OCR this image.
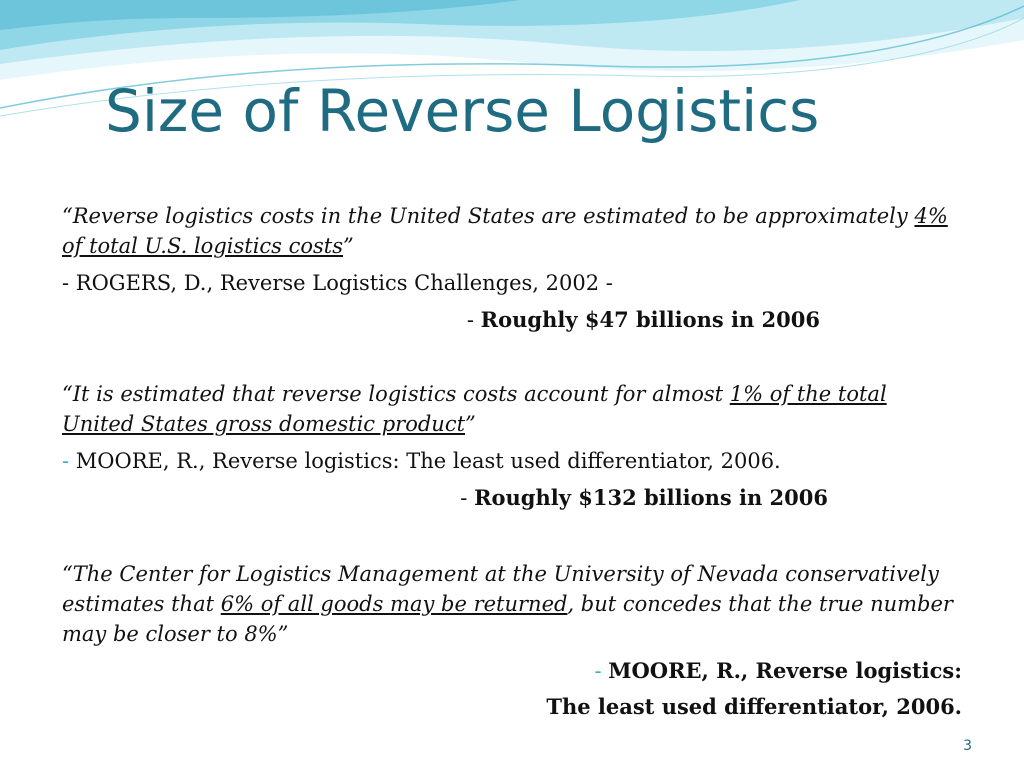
Size of Reverse Logistics
“Reverse logistics costs in the United States are estimated to be approximately 4%
of total U.S. logistics costs”
- ROGERS, D., Reverse Logistics Challenges, 2002 -
- Roughly $47 billions in 2006
“It is estimated that reverse logistics costs account for almost 1% of the total
United States gross domestic product”
- MOORE, R., Reverse logistics: The least used differentiator, 2006.
- Roughly $132 billions in 2006
“The Center for Logistics Management at the University of Nevada conservatively
estimates that 6% of all goods may be returned, but concedes that the true number
may be closer to 8%”
- MOORE, R., Reverse logistics:
The least used differentiator, 2006.
3
